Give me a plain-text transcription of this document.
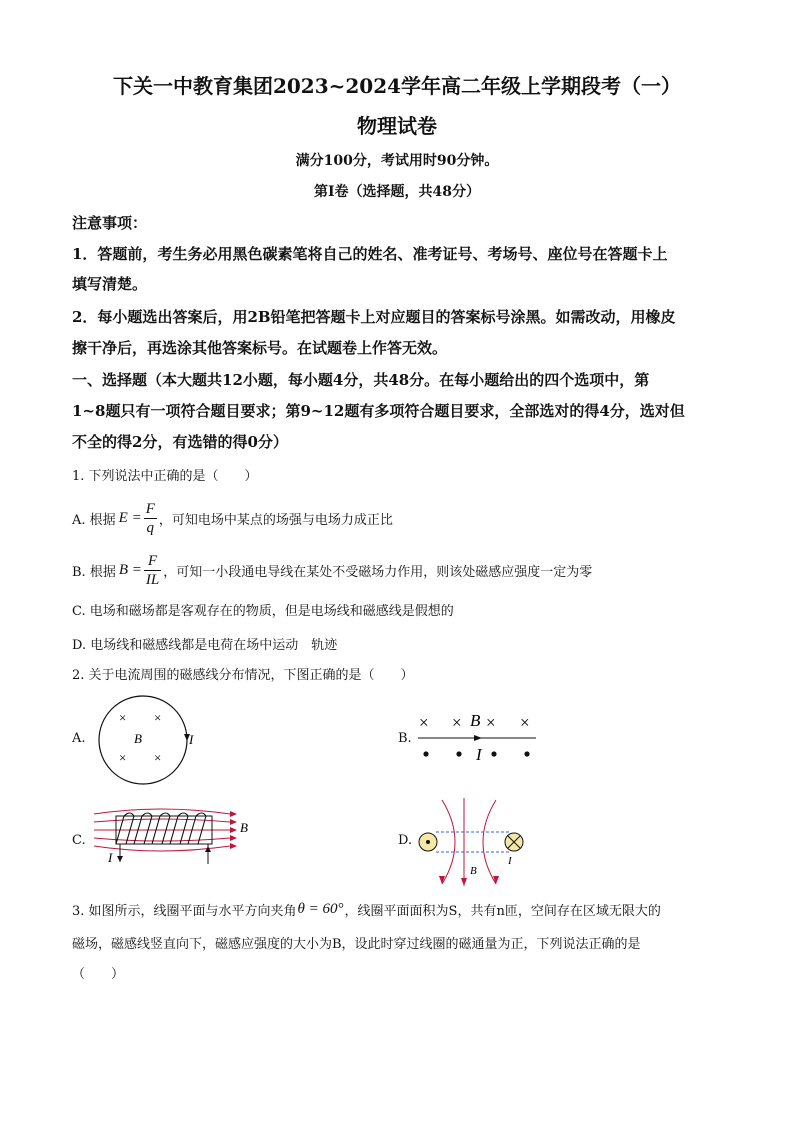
下关一中教育集团2023~2024学年高二年级上学期段考（一）
物理试卷
满分100分，考试用时90分钟。
第I卷（选择题，共48分）
注意事项：
1．答题前，考生务必用黑色碳素笔将自己的姓名、准考证号、考场号、座位号在答题卡上
填写清楚。
2．每小题选出答案后，用2B铅笔把答题卡上对应题目的答案标号涂黑。如需改动，用橡皮
擦干净后，再选涂其他答案标号。在试题卷上作答无效。
一、选择题（本大题共12小题，每小题4分，共48分。在每小题给出的四个选项中，第
1~8题只有一项符合题目要求；第9~12题有多项符合题目要求，全部选对的得4分，选对但
不全的得2分，有选错的得0分）
1. 下列说法中正确的是（　　）
A. 根据 $E = \frac{F}{q}$ ，可知电场中某点的场强与电场力成正比
B. 根据 $B = \frac{F}{IL}$ ，可知一小段通电导线在某处不受磁场力作用，则该处磁感应强度一定为零
C. 电场和磁场都是客观存在的物质，但是电场线和磁感线是假想的
D. 电场线和磁感线都是电荷在场中运动　轨迹
2. 关于电流周围的磁感线分布情况，下图正确的是（　　）
A.
× ×
× ×
B	I	B.
× × B × ×
I
C.
I
B
D.
I
B
3. 如图所示，线圈平面与水平方向夹角 θ = 60° ，线圈平面面积为S，共有n匝，空间存在区域无限大的
磁场，磁感线竖直向下，磁感应强度的大小为B，设此时穿过线圈的磁通量为正，下列说法正确的是
（　　）
